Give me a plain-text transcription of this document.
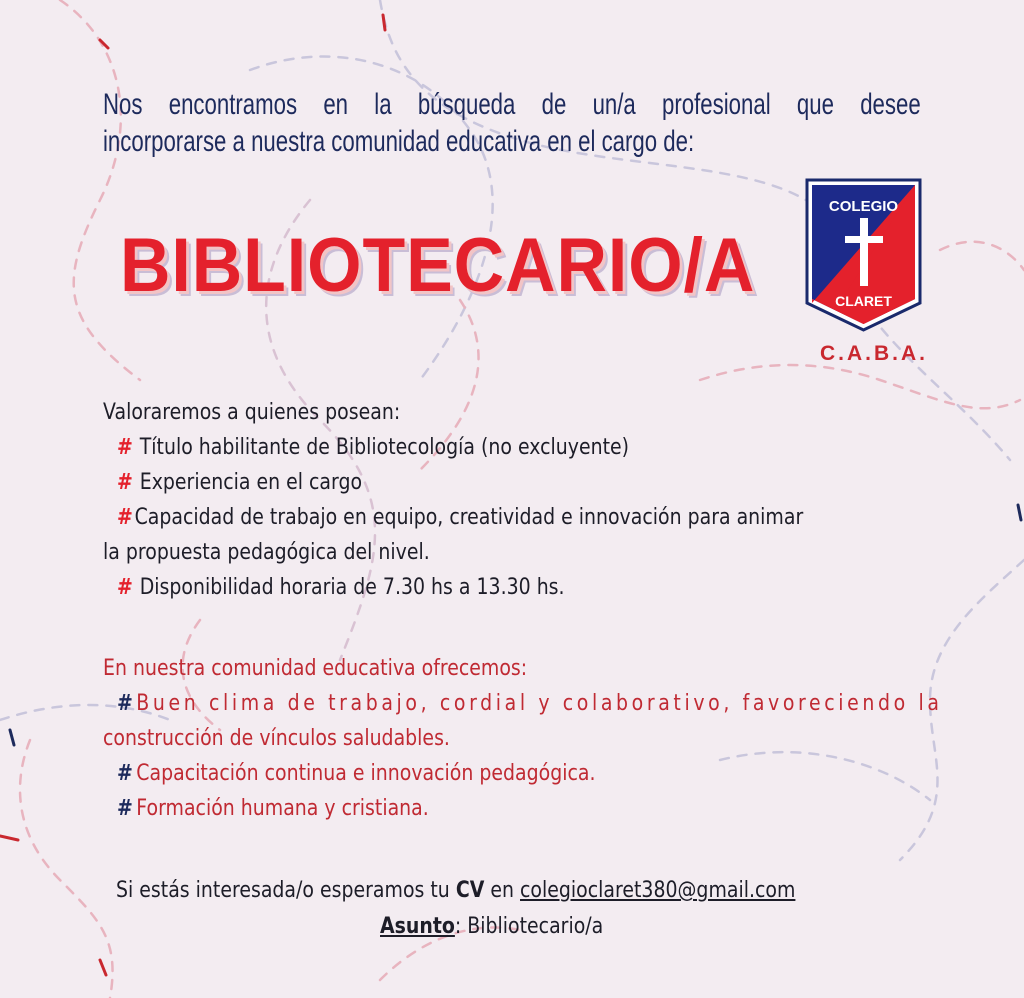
Nos encontramos en la búsqueda de un/a profesional que desee
incorporarse a nuestra comunidad educativa en el cargo de:
BIBLIOTECARIO/A
COLEGIO
CLARET
C.A.B.A.
Valoraremos a quienes posean:
# Título habilitante de Bibliotecología (no excluyente)
# Experiencia en el cargo
#Capacidad de trabajo en equipo, creatividad e innovación para animar
la propuesta pedagógica del nivel.
# Disponibilidad horaria de 7.30 hs a 13.30 hs.
En nuestra comunidad educativa ofrecemos:
# Buen clima de trabajo, cordial y colaborativo, favoreciendo la
construcción de vínculos saludables.
# Capacitación continua e innovación pedagógica.
# Formación humana y cristiana.
Si estás interesada/o esperamos tu CV en colegioclaret380@gmail.com
Asunto: Bibliotecario/a
